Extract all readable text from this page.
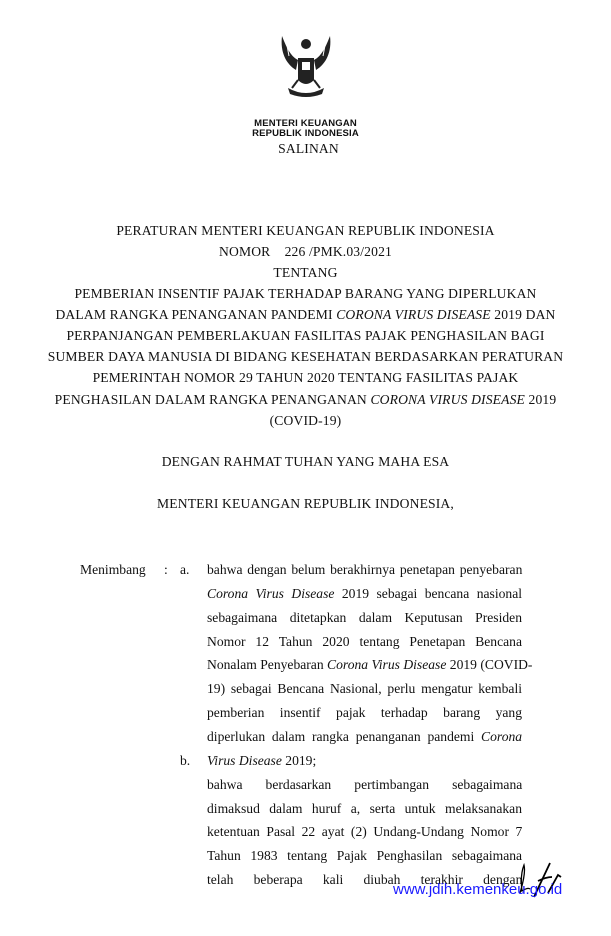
MENTERI KEUANGAN
REPUBLIK INDONESIA
SALINAN
PERATURAN MENTERI KEUANGAN REPUBLIK INDONESIA
NOMOR    226 /PMK.03/2021
TENTANG
PEMBERIAN INSENTIF PAJAK TERHADAP BARANG YANG DIPERLUKAN
DALAM RANGKA PENANGANAN PANDEMI CORONA VIRUS DISEASE 2019 DAN
PERPANJANGAN PEMBERLAKUAN FASILITAS PAJAK PENGHASILAN BAGI
SUMBER DAYA MANUSIA DI BIDANG KESEHATAN BERDASARKAN PERATURAN
PEMERINTAH NOMOR 29 TAHUN 2020 TENTANG FASILITAS PAJAK
PENGHASILAN DALAM RANGKA PENANGANAN CORONA VIRUS DISEASE 2019
(COVID-19)
DENGAN RAHMAT TUHAN YANG MAHA ESA
MENTERI KEUANGAN REPUBLIK INDONESIA,
Menimbang : a.
b.
bahwa dengan belum berakhirnya penetapan penyebaran
Corona Virus Disease 2019 sebagai bencana nasional
sebagaimana ditetapkan dalam Keputusan Presiden
Nomor 12 Tahun 2020 tentang Penetapan Bencana
Nonalam Penyebaran Corona Virus Disease 2019 (COVID-
19) sebagai Bencana Nasional, perlu mengatur kembali
pemberian insentif pajak terhadap barang yang
diperlukan dalam rangka penanganan pandemi Corona
Virus Disease 2019;
bahwa berdasarkan pertimbangan sebagaimana
dimaksud dalam huruf a, serta untuk melaksanakan
ketentuan Pasal 22 ayat (2) Undang-Undang Nomor 7
Tahun 1983 tentang Pajak Penghasilan sebagaimana
telah beberapa kali diubah terakhir dengan
www.jdih.kemenkeu.go.id
